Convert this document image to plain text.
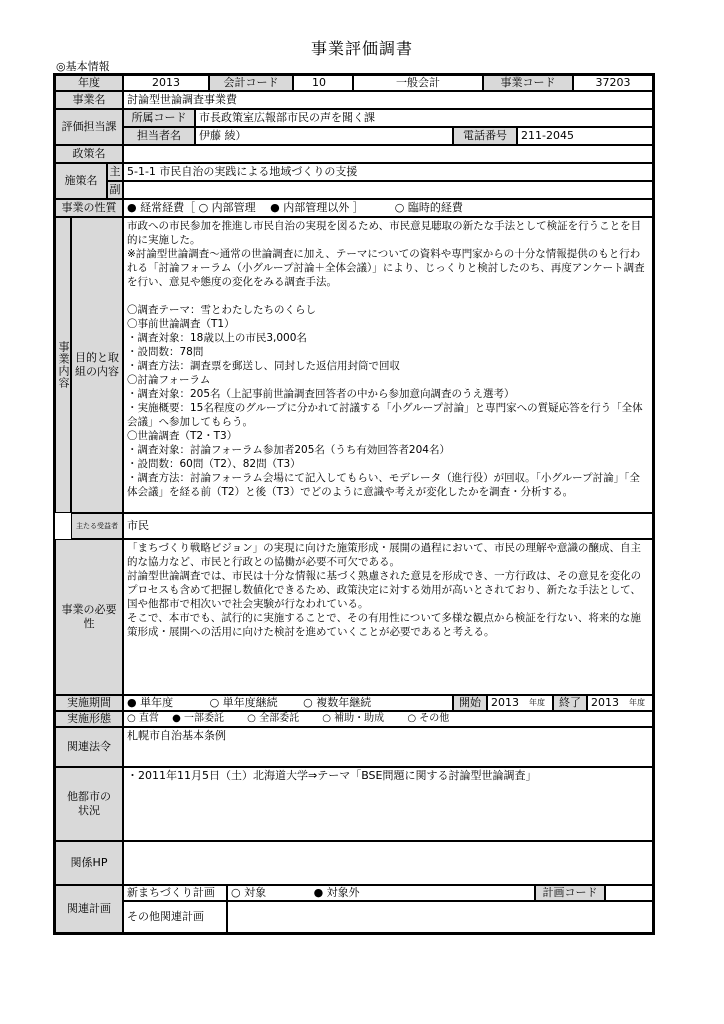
事業評価調書
◎基本情報
年度	2013	会計コード	10	一般会計	事業コード	37203
事業名	討論型世論調査事業費
評価担当課
所属コード	市長政策室広報部市民の声を聞く課
担当者名	伊藤 綾）	電話番号	211-2045
政策名
施策名
主 5-1-1 市民自治の実践による地域づくりの支援
副
事業の性質 ● 経常経費［ ○ 内部管理　 ● 内部管理以外 ］　　　 ○ 臨時的経費
事業内容 目的と取組の内容
市政への市民参加を推進し市民自治の実現を図るため、市民意見聴取の新たな手法として検証を行うことを目的に実施した。
※討論型世論調査～通常の世論調査に加え、テーマについての資料や専門家からの十分な情報提供のもと行われる「討論フォーラム（小グループ討論＋全体会議）」により、じっくりと検討したのち、再度アンケート調査を行い、意見や態度の変化をみる調査手法。

〇調査テーマ：雪とわたしたちのくらし
〇事前世論調査（T1）
・調査対象：18歳以上の市民3,000名
・設問数：78問
・調査方法：調査票を郵送し、同封した返信用封筒で回収
〇討論フォーラム
・調査対象：205名（上記事前世論調査回答者の中から参加意向調査のうえ選考）
・実施概要：15名程度のグループに分かれて討議する「小グループ討論」と専門家への質疑応答を行う「全体会議」へ参加してもらう。
〇世論調査（T2・T3）
・調査対象：討論フォーラム参加者205名（うち有効回答者204名）
・設問数：60問（T2）、82問（T3）
・調査方法：討論フォーラム会場にて記入してもらい、モデレータ（進行役）が回収。「小グループ討論」「全体会議」を経る前（T2）と後（T3）でどのように意識や考えが変化したかを調査・分析する。
主たる受益者 市民
事業の必要性
「まちづくり戦略ビジョン」の実現に向けた施策形成・展開の過程において、市民の理解や意識の醸成、自主的な協力など、市民と行政との協働が必要不可欠である。
討論型世論調査では、市民は十分な情報に基づく熟慮された意見を形成でき、一方行政は、その意見を変化のプロセスも含めて把握し数値化できるため、政策決定に対する効用が高いとされており、新たな手法として、国や他都市で相次いで社会実験が行なわれている。
そこで、本市でも、試行的に実施することで、その有用性について多様な観点から検証を行ない、将来的な施策形成・展開への活用に向けた検討を進めていくことが必要であると考える。
実施期間	● 単年度　　　 ○ 単年度継続　　 ○ 複数年継続	開始 2013 年度	終了 2013 年度
実施形態	○ 直営　 ● 一部委託　　 ○ 全部委託　　 ○ 補助・助成　　 ○ その他
関連法令
札幌市自治基本条例
他都市の状況
・2011年11月5日（土）北海道大学⇒テーマ「BSE問題に関する討論型世論調査」
関係HP
関連計画
新まちづくり計画	○ 対象　　　　 ● 対象外	計画コード
その他関連計画
